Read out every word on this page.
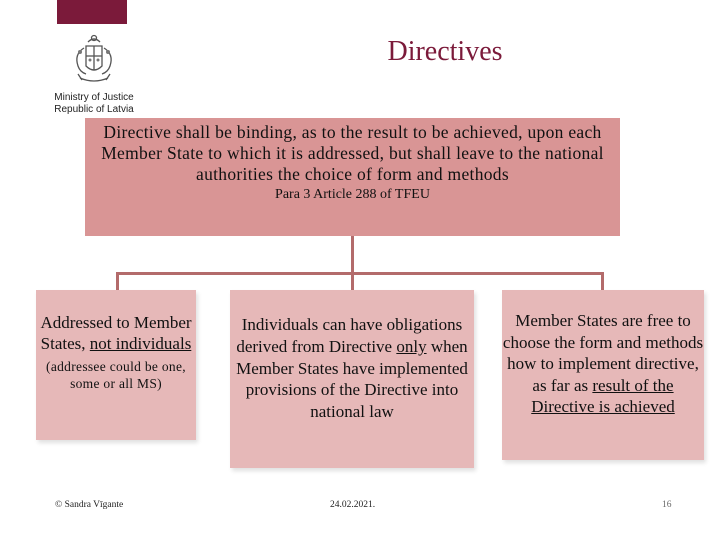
Ministry of Justice
Republic of Latvia
Directives
Directive shall be binding, as to the result to be achieved, upon each Member State to which it is addressed, but shall leave to the national authorities the choice of form and methods
Para 3 Article 288 of TFEU
Addressed to Member States, not individuals
(addressee could be one, some or all MS)
Individuals can have obligations derived from Directive only when Member States have implemented provisions of the Directive into national law
Member States are free to choose the form and methods how to implement directive, as far as result of the Directive is achieved
© Sandra Vīgante	24.02.2021.	16
